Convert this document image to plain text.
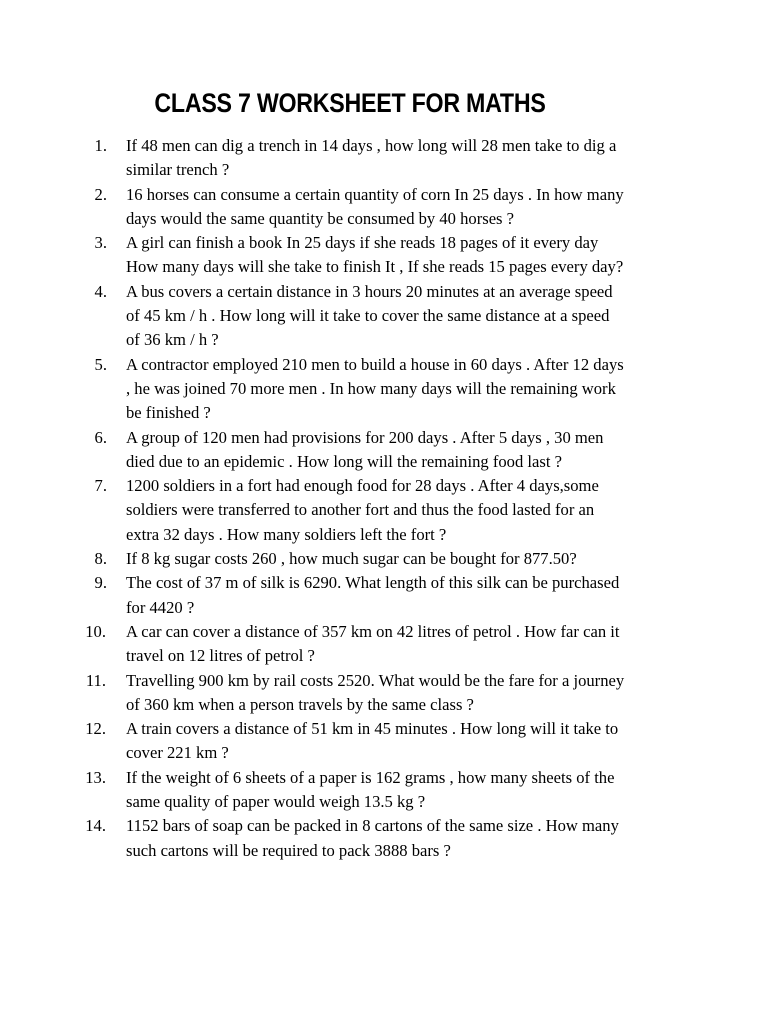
CLASS 7 WORKSHEET FOR MATHS
1. If 48 men can dig a trench in 14 days , how long will 28 men take to dig a similar trench ?
2. 16 horses can consume a certain quantity of corn In 25 days . In how many days would the same quantity be consumed by 40 horses ?
3. A girl can finish a book In 25 days if she reads 18 pages of it every day How many days will she take to finish It , If she reads 15 pages every day?
4. A bus covers a certain distance in 3 hours 20 minutes at an average speed of 45 km / h . How long will it take to cover the same distance at a speed of 36 km / h ?
5. A contractor employed 210 men to build a house in 60 days . After 12 days , he was joined 70 more men . In how many days will the remaining work be finished ?
6. A group of 120 men had provisions for 200 days . After 5 days , 30 men died due to an epidemic . How long will the remaining food last ?
7. 1200 soldiers in a fort had enough food for 28 days . After 4 days,some soldiers were transferred to another fort and thus the food lasted for an extra 32 days . How many soldiers left the fort ?
8. If 8 kg sugar costs 260 , how much sugar can be bought for 877.50?
9. The cost of 37 m of silk is 6290. What length of this silk can be purchased for 4420 ?
10. A car can cover a distance of 357 km on 42 litres of petrol . How far can it travel on 12 litres of petrol ?
11. Travelling 900 km by rail costs 2520. What would be the fare for a journey of 360 km when a person travels by the same class ?
12. A train covers a distance of 51 km in 45 minutes . How long will it take to cover 221 km ?
13. If the weight of 6 sheets of a paper is 162 grams , how many sheets of the same quality of paper would weigh 13.5 kg ?
14. 1152 bars of soap can be packed in 8 cartons of the same size . How many such cartons will be required to pack 3888 bars ?
